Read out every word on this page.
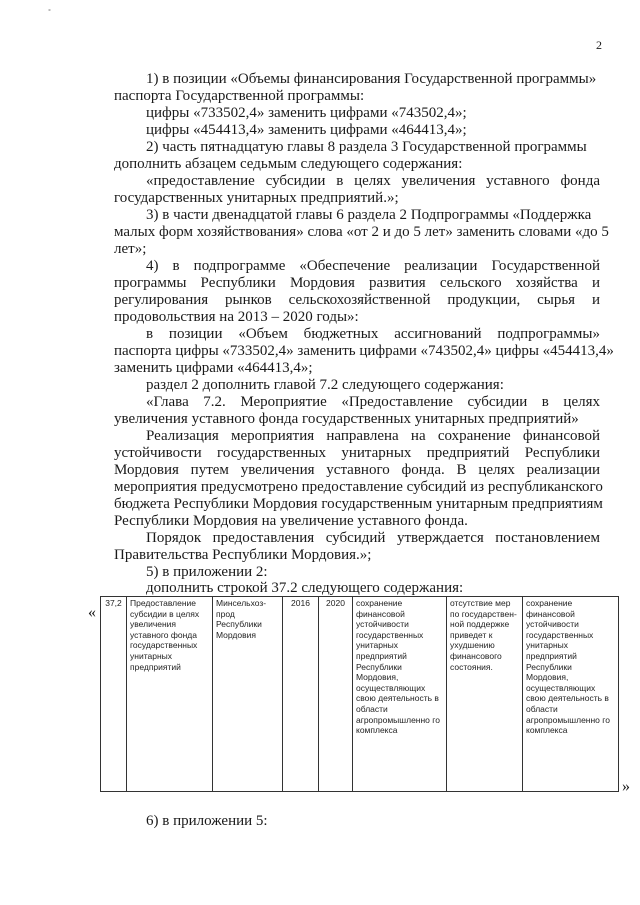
˚
2
1) в позиции «Объемы финансирования Государственной программы»
паспорта Государственной программы:
цифры «733502,4» заменить цифрами «743502,4»;
цифры «454413,4» заменить цифрами «464413,4»;
2) часть пятнадцатую главы 8 раздела 3 Государственной программы
дополнить абзацем седьмым следующего содержания:
«предоставление субсидии в целях увеличения уставного фонда
государственных унитарных предприятий.»;
3) в части двенадцатой главы 6 раздела 2 Подпрограммы «Поддержка
малых форм хозяйствования» слова «от 2 и до 5 лет» заменить словами «до 5
лет»;
4) в подпрограмме «Обеспечение реализации Государственной
программы Республики Мордовия развития сельского хозяйства и
регулирования рынков сельскохозяйственной продукции, сырья и
продовольствия на 2013 – 2020 годы»:
в позиции «Объем бюджетных ассигнований подпрограммы»
паспорта цифры «733502,4» заменить цифрами «743502,4» цифры «454413,4»
заменить цифрами «464413,4»;
раздел 2 дополнить главой 7.2 следующего содержания:
«Глава 7.2. Мероприятие «Предоставление субсидии в целях
увеличения уставного фонда государственных унитарных предприятий»
Реализация мероприятия направлена на сохранение финансовой
устойчивости государственных унитарных предприятий Республики
Мордовия путем увеличения уставного фонда. В целях реализации
мероприятия предусмотрено предоставление субсидий из республиканского
бюджета Республики Мордовия государственным унитарным предприятиям
Республики Мордовия на увеличение уставного фонда.
Порядок предоставления субсидий утверждается постановлением
Правительства Республики Мордовия.»;
5) в приложении 2:
дополнить строкой 37.2 следующего содержания:
«
37,2	Предоставление субсидии в целях увеличения уставного фонда государственных унитарных предприятий	Минсельхоз-прод Республики Мордовия	2016	2020	сохранение финансовой устойчивости государственных унитарных предприятий Республики Мордовия, осуществляющих свою деятельность в области агропромышленно го комплекса	отсутствие мер по государствен-ной поддержке приведет к ухудшению финансового состояния.	сохранение финансовой устойчивости государственных унитарных предприятий Республики Мордовия, осуществляющих свою деятельность в области агропромышленно го комплекса
»
6) в приложении 5:
